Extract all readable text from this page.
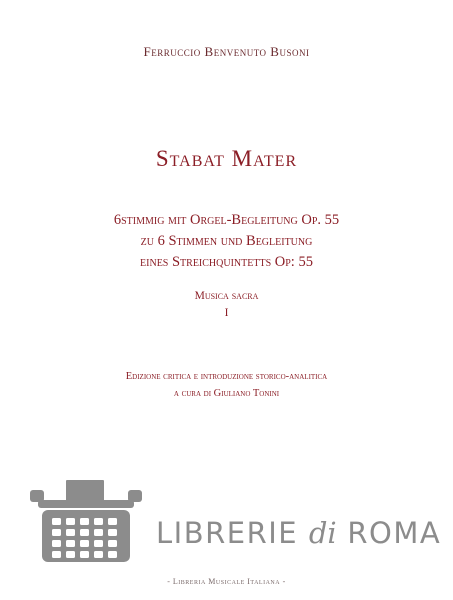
Ferruccio Benvenuto Busoni
Stabat Mater
6stimmig mit Orgel-Begleitung Op. 55
zu 6 Stimmen und Begleitung
eines Streichquintetts Op: 55
Musica sacra
I
Edizione critica e introduzione storico-analitica
a cura di Giuliano Tonini
LIBRERIE di ROMA
- Libreria Musicale Italiana -
